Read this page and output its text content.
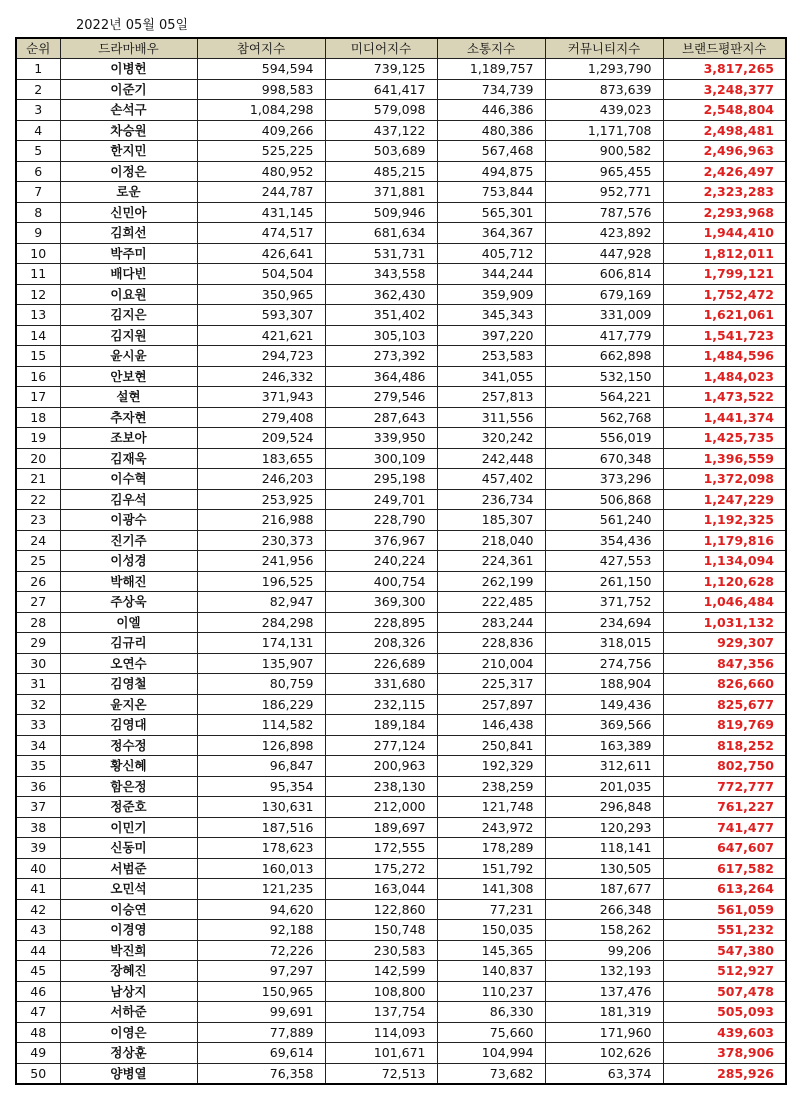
2022년 05월 05일
순위	드라마배우	참여지수	미디어지수	소통지수	커뮤니티지수	브랜드평판지수
1	이병헌	594,594	739,125	1,189,757	1,293,790	3,817,265
2	이준기	998,583	641,417	734,739	873,639	3,248,377
3	손석구	1,084,298	579,098	446,386	439,023	2,548,804
4	차승원	409,266	437,122	480,386	1,171,708	2,498,481
5	한지민	525,225	503,689	567,468	900,582	2,496,963
6	이정은	480,952	485,215	494,875	965,455	2,426,497
7	로운	244,787	371,881	753,844	952,771	2,323,283
8	신민아	431,145	509,946	565,301	787,576	2,293,968
9	김희선	474,517	681,634	364,367	423,892	1,944,410
10	박주미	426,641	531,731	405,712	447,928	1,812,011
11	배다빈	504,504	343,558	344,244	606,814	1,799,121
12	이요원	350,965	362,430	359,909	679,169	1,752,472
13	김지은	593,307	351,402	345,343	331,009	1,621,061
14	김지원	421,621	305,103	397,220	417,779	1,541,723
15	윤시윤	294,723	273,392	253,583	662,898	1,484,596
16	안보현	246,332	364,486	341,055	532,150	1,484,023
17	설현	371,943	279,546	257,813	564,221	1,473,522
18	추자현	279,408	287,643	311,556	562,768	1,441,374
19	조보아	209,524	339,950	320,242	556,019	1,425,735
20	김재욱	183,655	300,109	242,448	670,348	1,396,559
21	이수혁	246,203	295,198	457,402	373,296	1,372,098
22	김우석	253,925	249,701	236,734	506,868	1,247,229
23	이광수	216,988	228,790	185,307	561,240	1,192,325
24	진기주	230,373	376,967	218,040	354,436	1,179,816
25	이성경	241,956	240,224	224,361	427,553	1,134,094
26	박해진	196,525	400,754	262,199	261,150	1,120,628
27	주상욱	82,947	369,300	222,485	371,752	1,046,484
28	이엘	284,298	228,895	283,244	234,694	1,031,132
29	김규리	174,131	208,326	228,836	318,015	929,307
30	오연수	135,907	226,689	210,004	274,756	847,356
31	김영철	80,759	331,680	225,317	188,904	826,660
32	윤지온	186,229	232,115	257,897	149,436	825,677
33	김영대	114,582	189,184	146,438	369,566	819,769
34	정수정	126,898	277,124	250,841	163,389	818,252
35	황신혜	96,847	200,963	192,329	312,611	802,750
36	함은정	95,354	238,130	238,259	201,035	772,777
37	정준호	130,631	212,000	121,748	296,848	761,227
38	이민기	187,516	189,697	243,972	120,293	741,477
39	신동미	178,623	172,555	178,289	118,141	647,607
40	서범준	160,013	175,272	151,792	130,505	617,582
41	오민석	121,235	163,044	141,308	187,677	613,264
42	이승연	94,620	122,860	77,231	266,348	561,059
43	이경영	92,188	150,748	150,035	158,262	551,232
44	박진희	72,226	230,583	145,365	99,206	547,380
45	장혜진	97,297	142,599	140,837	132,193	512,927
46	남상지	150,965	108,800	110,237	137,476	507,478
47	서하준	99,691	137,754	86,330	181,319	505,093
48	이영은	77,889	114,093	75,660	171,960	439,603
49	정상훈	69,614	101,671	104,994	102,626	378,906
50	양병열	76,358	72,513	73,682	63,374	285,926
